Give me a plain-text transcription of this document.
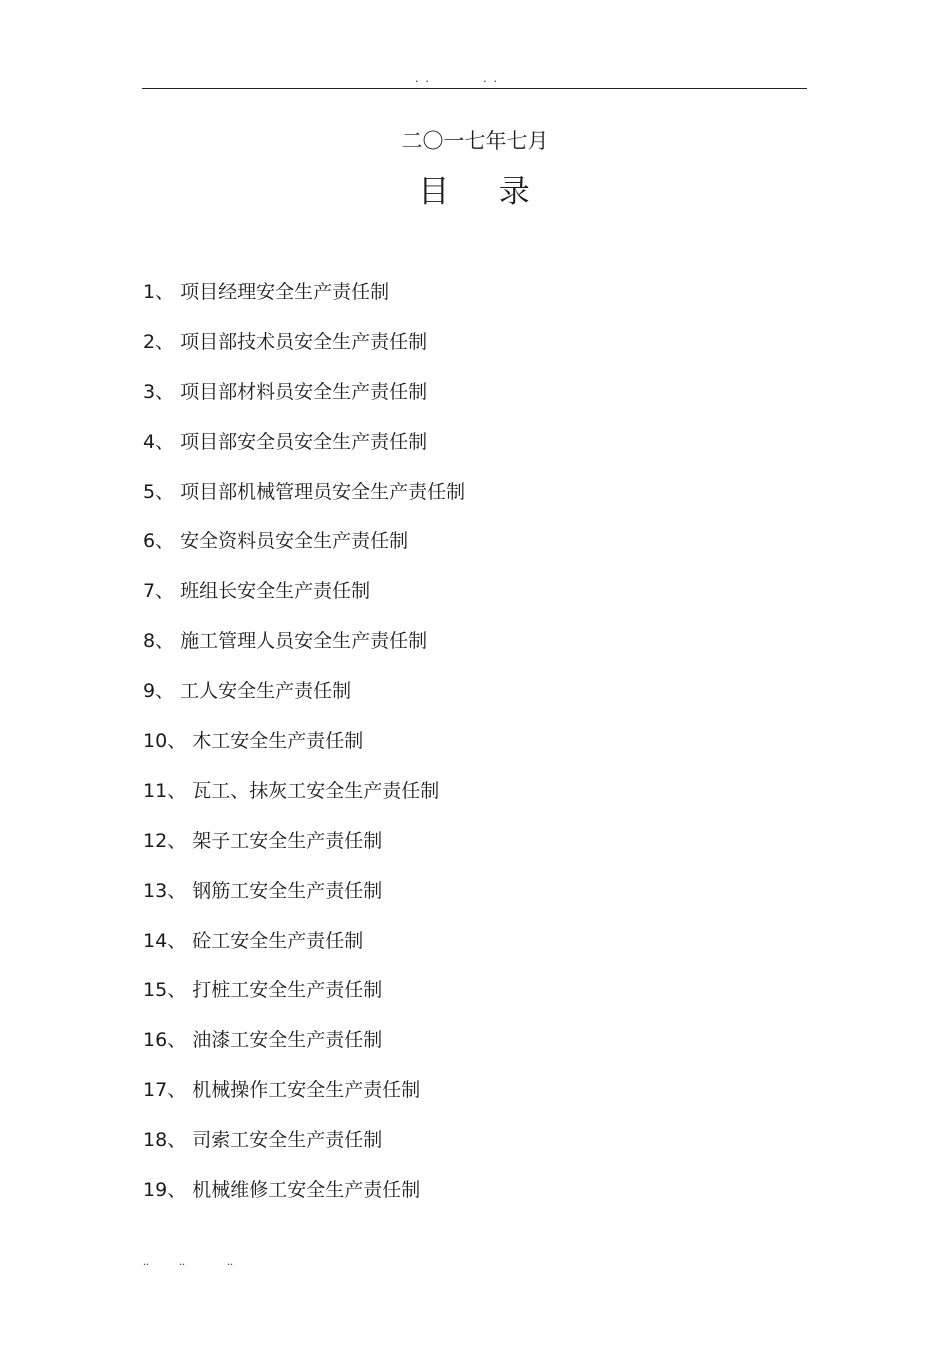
. .          . .
二〇一七年七月
目    录
1、 项目经理安全生产责任制
2、 项目部技术员安全生产责任制
3、 项目部材料员安全生产责任制
4、 项目部安全员安全生产责任制
5、 项目部机械管理员安全生产责任制
6、 安全资料员安全生产责任制
7、 班组长安全生产责任制
8、 施工管理人员安全生产责任制
9、 工人安全生产责任制
10、 木工安全生产责任制
11、 瓦工、抹灰工安全生产责任制
12、 架子工安全生产责任制
13、 钢筋工安全生产责任制
14、 砼工安全生产责任制
15、 打桩工安全生产责任制
16、 油漆工安全生产责任制
17、 机械操作工安全生产责任制
18、 司索工安全生产责任制
19、 机械维修工安全生产责任制
..          ..              ..
